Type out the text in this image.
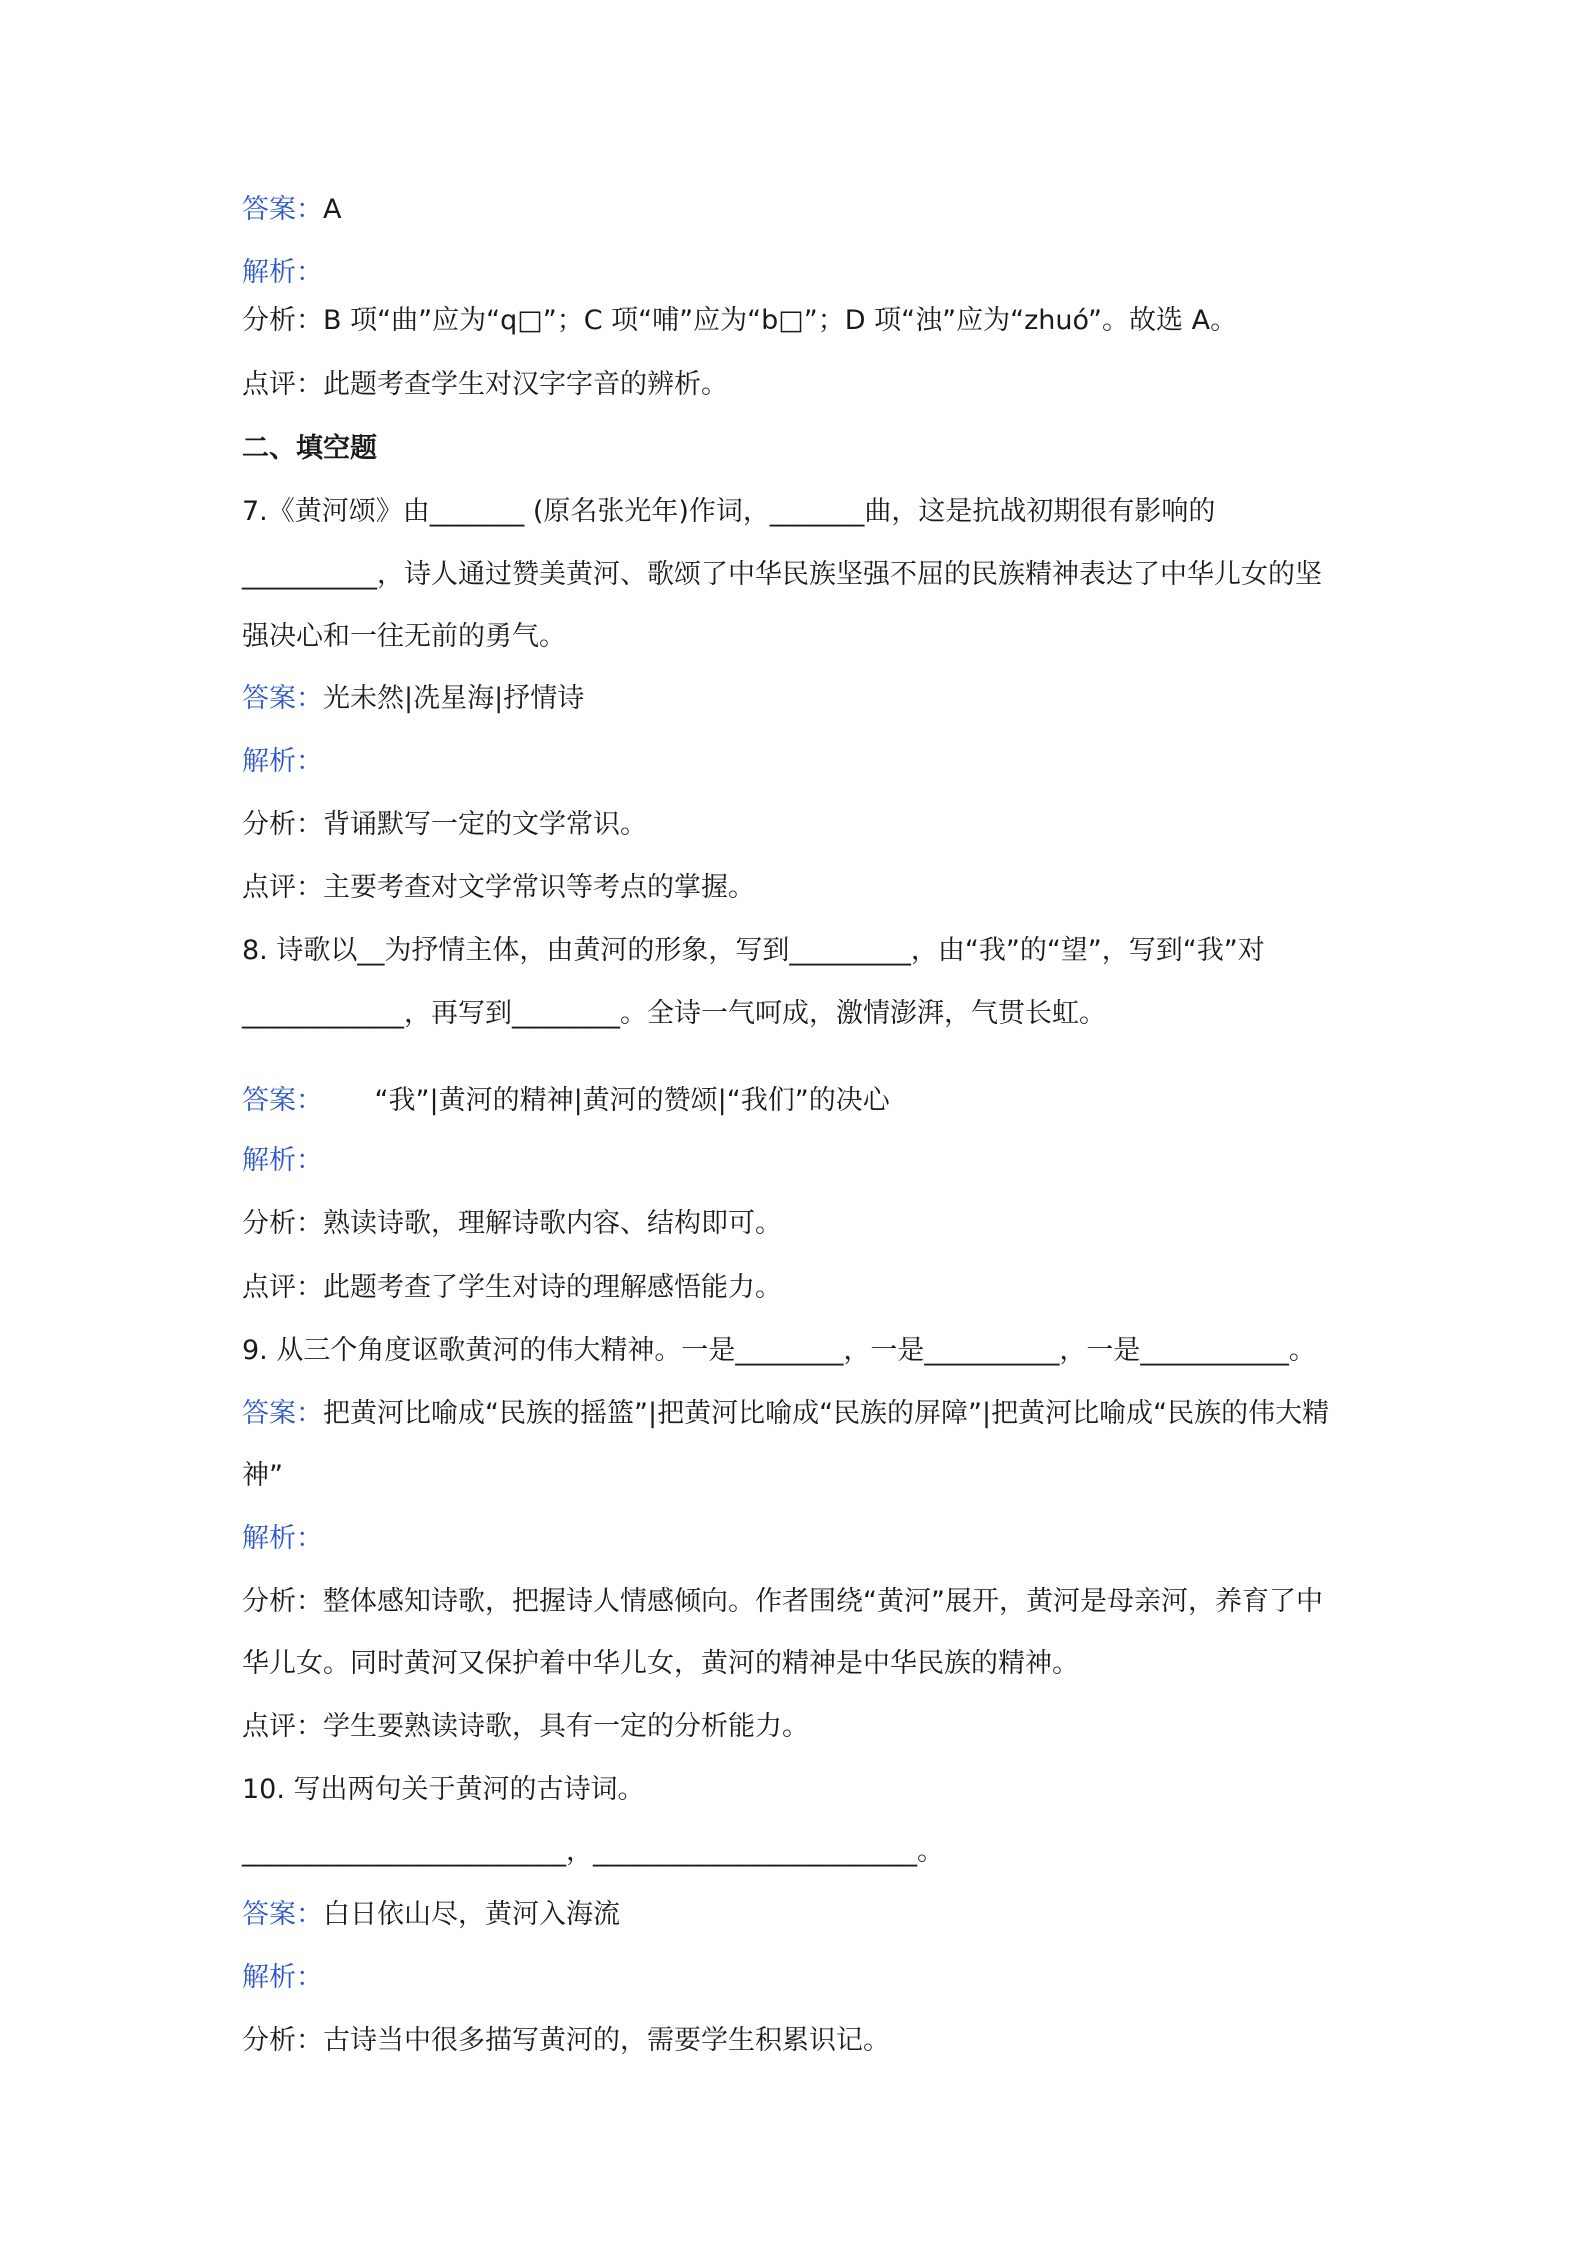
答案：A
解析：
分析：B 项“曲”应为“q□”；C 项“哺”应为“b□”；D 项“浊”应为“zhuó”。故选 A。
点评：此题考查学生对汉字字音的辨析。
二、填空题
7.《黄河颂》由_______ (原名张光年)作词，_______曲，这是抗战初期很有影响的
__________，诗人通过赞美黄河、歌颂了中华民族坚强不屈的民族精神表达了中华儿女的坚
强决心和一往无前的勇气。
答案：光未然|冼星海|抒情诗
解析：
分析：背诵默写一定的文学常识。
点评：主要考查对文学常识等考点的掌握。
8. 诗歌以__为抒情主体，由黄河的形象，写到_________，由“我”的“望”，写到“我”对
____________，再写到________。全诗一气呵成，激情澎湃，气贯长虹。
答案：      “我”|黄河的精神|黄河的赞颂|“我们”的决心
解析：
分析：熟读诗歌，理解诗歌内容、结构即可。
点评：此题考查了学生对诗的理解感悟能力。
9. 从三个角度讴歌黄河的伟大精神。一是________，一是__________，一是___________。
答案：把黄河比喻成“民族的摇篮”|把黄河比喻成“民族的屏障”|把黄河比喻成“民族的伟大精
神”
解析：
分析：整体感知诗歌，把握诗人情感倾向。作者围绕“黄河”展开，黄河是母亲河，养育了中
华儿女。同时黄河又保护着中华儿女，黄河的精神是中华民族的精神。
点评：学生要熟读诗歌，具有一定的分析能力。
10. 写出两句关于黄河的古诗词。
________________________，________________________。
答案：白日依山尽，黄河入海流
解析：
分析：古诗当中很多描写黄河的，需要学生积累识记。
